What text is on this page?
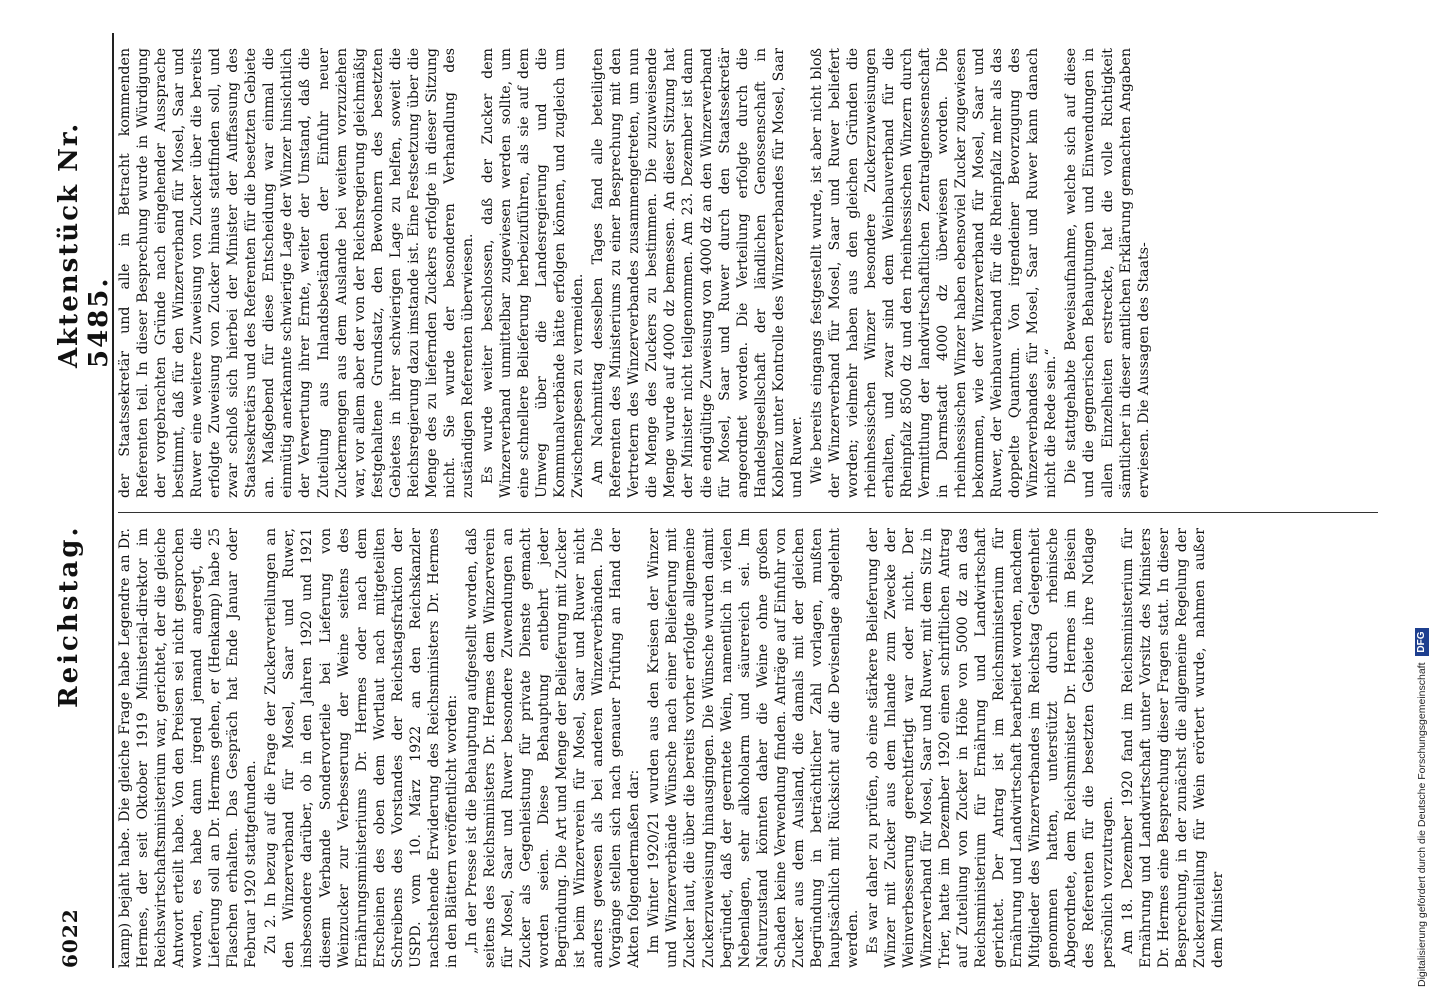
6022
Reichstag.
Aktenstück Nr. 5485.

kamp) bejaht habe. Die gleiche Frage habe Legendre an Dr. Hermes, der seit Oktober 1919 Ministerial-direktor im Reichswirtschaftsministerium war, gerichtet, der die gleiche Antwort erteilt habe. Von den Preisen sei nicht gesprochen worden, es habe dann irgend jemand angeregt, die Lieferung soll an Dr. Hermes gehen, er (Henkamp) habe 25 Flaschen erhalten. Das Gespräch hat Ende Januar oder Februar 1920 stattgefunden. Zu 2. In bezug auf die Frage der Zuckerverteilungen an den Winzerverband für Mosel, Saar und Ruwer, insbesondere darüber, ob in den Jahren 1920 und 1921 diesem Verbande Sondervorteile bei Lieferung von Weinzucker zur Verbesserung der Weine seitens des Ernährungsministeriums Dr. Hermes oder nach dem Erscheinen des oben dem Wortlaut nach mitgeteilten Schreibens des Vorstandes der Reichstagsfraktion der USPD. vom 10. März 1922 an den Reichskanzler nachstehende Erwiderung des Reichsministers Dr. Hermes in den Blättern veröffentlicht worden: „In der Presse ist die Behauptung aufgestellt worden, daß seitens des Reichsministers Dr. Hermes dem Winzerverein für Mosel, Saar und Ruwer besondere Zuwendungen an Zucker als Gegenleistung für private Dienste gemacht worden seien. Diese Behauptung entbehrt jeder Begründung. Die Art und Menge der Belieferung mit Zucker ist beim Winzerverein für Mosel, Saar und Ruwer nicht anders gewesen als bei anderen Winzerverbänden. Die Vorgänge stellen sich nach genauer Prüfung an Hand der Akten folgendermaßen dar: Im Winter 1920/21 wurden aus den Kreisen der Winzer und Winzerverbände Wünsche nach einer Belieferung mit Zucker laut, die über die bereits vorher erfolgte allgemeine Zuckerzuweisung hinausgingen. Die Wünsche wurden damit begründet, daß der geerntete Wein, namentlich in vielen Nebenlagen, sehr alkoholarm und säurereich sei. Im Naturzustand könnten daher die Weine ohne großen Schaden keine Verwendung finden. Anträge auf Einfuhr von Zucker aus dem Ausland, die damals mit der gleichen Begründung in beträchtlicher Zahl vorlagen, mußten hauptsächlich mit Rücksicht auf die Devisenlage abgelehnt werden. Es war daher zu prüfen, ob eine stärkere Belieferung der Winzer mit Zucker aus dem Inlande zum Zwecke der Weinverbesserung gerechtfertigt war oder nicht. Der Winzerverband für Mosel, Saar und Ruwer, mit dem Sitz in Trier, hatte im Dezember 1920 einen schriftlichen Antrag auf Zuteilung von Zucker in Höhe von 5000 dz an das Reichsministerium für Ernährung und Landwirtschaft gerichtet. Der Antrag ist im Reichsministerium für Ernährung und Landwirtschaft bearbeitet worden, nachdem Mitglieder des Winzerverbandes im Reichstag Gelegenheit genommen hatten, unterstützt durch rheinische Abgeordnete, dem Reichsminister Dr. Hermes im Beisein des Referenten für die besetzten Gebiete ihre Notlage persönlich vorzutragen. Am 18. Dezember 1920 fand im Reichsministerium für Ernährung und Landwirtschaft unter Vorsitz des Ministers Dr. Hermes eine Besprechung dieser Fragen statt. In dieser Besprechung, in der zunächst die allgemeine Regelung der Zuckerzuteilung für Wein erörtert wurde, nahmen außer dem Minister

der Staatssekretär und alle in Betracht kommenden Referenten teil. In dieser Besprechung wurde in Würdigung der vorgebrachten Gründe nach eingehender Aussprache bestimmt, daß für den Winzerverband für Mosel, Saar und Ruwer eine weitere Zuweisung von Zucker über die bereits erfolgte Zuweisung von Zucker hinaus stattfinden soll, und zwar schloß sich hierbei der Minister der Auffassung des Staatssekretärs und des Referenten für die besetzten Gebiete an. Maßgebend für diese Entscheidung war einmal die einmütig anerkannte schwierige Lage der Winzer hinsichtlich der Verwertung ihrer Ernte, weiter der Umstand, daß die Zuteilung aus Inlandsbeständen der Einfuhr neuer Zuckermengen aus dem Auslande bei weitem vorzuziehen war, vor allem aber der von der Reichsregierung gleichmäßig festgehaltene Grundsatz, den Bewohnern des besetzten Gebietes in ihrer schwierigen Lage zu helfen, soweit die Reichsregierung dazu imstande ist. Eine Festsetzung über die Menge des zu liefernden Zuckers erfolgte in dieser Sitzung nicht. Sie wurde der besonderen Verhandlung des zuständigen Referenten überwiesen. Es wurde weiter beschlossen, daß der Zucker dem Winzerverband unmittelbar zugewiesen werden sollte, um eine schnellere Belieferung herbeizuführen, als sie auf dem Umweg über die Landesregierung und die Kommunalverbände hätte erfolgen können, und zugleich um Zwischenspesen zu vermeiden. Am Nachmittag desselben Tages fand alle beteiligten Referenten des Ministeriums zu einer Besprechung mit den Vertretern des Winzerverbandes zusammengetreten, um nun die Menge des Zuckers zu bestimmen. Die zuzuweisende Menge wurde auf 4000 dz bemessen. An dieser Sitzung hat der Minister nicht teilgenommen. Am 23. Dezember ist dann die endgültige Zuweisung von 4000 dz an den Winzerverband für Mosel, Saar und Ruwer durch den Staatssekretär angeordnet worden. Die Verteilung erfolgte durch die Handelsgesellschaft der ländlichen Genossenschaft in Koblenz unter Kontrolle des Winzerverbandes für Mosel, Saar und Ruwer. Wie bereits eingangs festgestellt wurde, ist aber nicht bloß der Winzerverband für Mosel, Saar und Ruwer beliefert worden; vielmehr haben aus den gleichen Gründen die rheinhessischen Winzer besondere Zuckerzuweisungen erhalten, und zwar sind dem Weinbauverband für die Rheinpfalz 8500 dz und den rheinhessischen Winzern durch Vermittlung der landwirtschaftlichen Zentralgenossenschaft in Darmstadt 4000 dz überwiesen worden. Die rheinhessischen Winzer haben ebensoviel Zucker zugewiesen bekommen, wie der Winzerverband für Mosel, Saar und Ruwer, der Weinbauverband für die Rheinpfalz mehr als das doppelte Quantum. Von irgendeiner Bevorzugung des Winzerverbandes für Mosel, Saar und Ruwer kann danach nicht die Rede sein.“ Die stattgehabte Beweisaufnahme, welche sich auf diese und die gegnerischen Behauptungen und Einwendungen in allen Einzelheiten erstreckte, hat die volle Richtigkeit sämtlicher in dieser amtlichen Erklärung gemachten Angaben erwiesen. Die Aussagen des Staats-

Digitalisierung gefördert durch die Deutsche Forschungsgemeinschaft DFG
